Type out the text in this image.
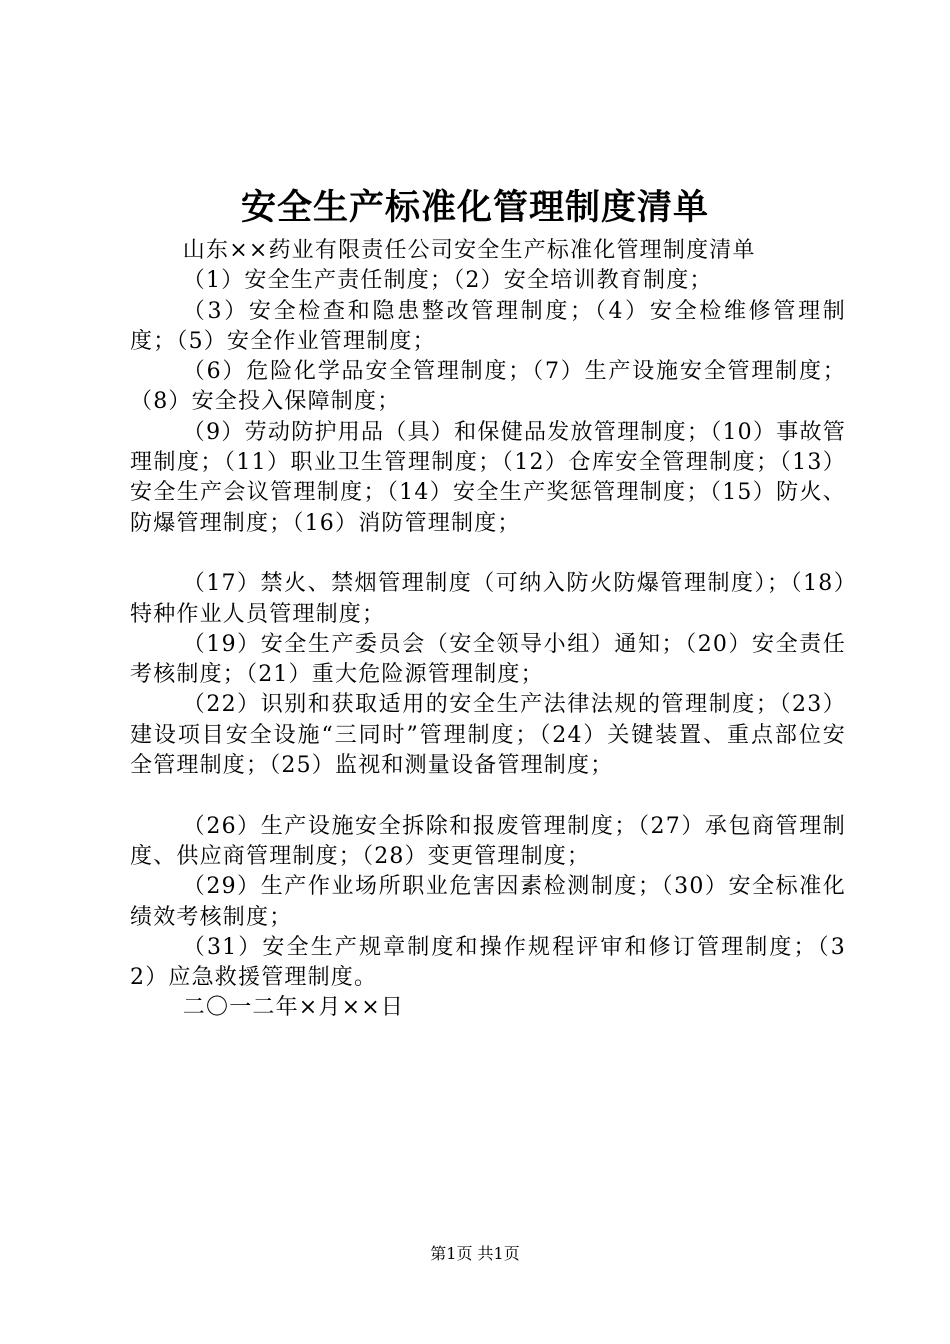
安全生产标准化管理制度清单

山东××药业有限责任公司安全生产标准化管理制度清单

（1）安全生产责任制度；（2）安全培训教育制度；

（3）安全检查和隐患整改管理制度；（4）安全检维修管理制度；（5）安全作业管理制度；

（6）危险化学品安全管理制度；（7）生产设施安全管理制度；（8）安全投入保障制度；

（9）劳动防护用品（具）和保健品发放管理制度；（10）事故管理制度；（11）职业卫生管理制度；（12）仓库安全管理制度；（13）安全生产会议管理制度；（14）安全生产奖惩管理制度；（15）防火、防爆管理制度；（16）消防管理制度；

（17）禁火、禁烟管理制度（可纳入防火防爆管理制度）；（18）特种作业人员管理制度；

（19）安全生产委员会（安全领导小组）通知；（20）安全责任考核制度；（21）重大危险源管理制度；

（22）识别和获取适用的安全生产法律法规的管理制度；（23）建设项目安全设施“三同时”管理制度；（24）关键装置、重点部位安全管理制度；（25）监视和测量设备管理制度；

（26）生产设施安全拆除和报废管理制度；（27）承包商管理制度、供应商管理制度；（28）变更管理制度；

（29）生产作业场所职业危害因素检测制度；（30）安全标准化绩效考核制度；

（31）安全生产规章制度和操作规程评审和修订管理制度；（32）应急救援管理制度。

二〇一二年×月××日

第1页 共1页
